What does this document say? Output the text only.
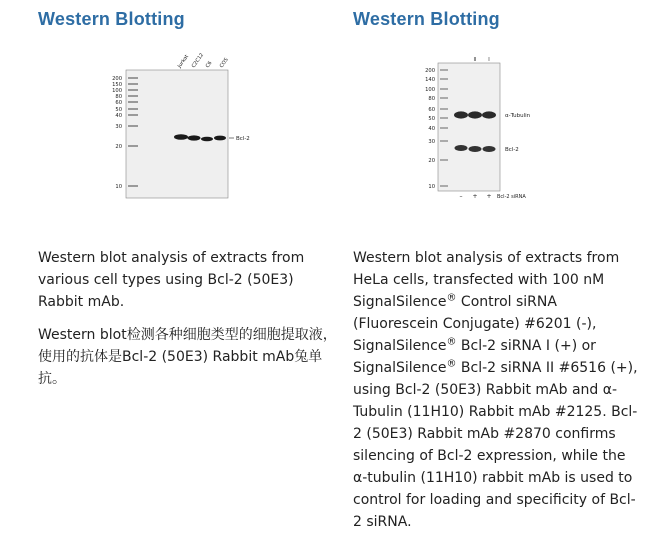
Western Blotting
200
150
100
80
60
50
40
30
20
10
Jurkat C2C12 C6 COS
Bcl-2

Western blot analysis of extracts from various cell types using Bcl-2 (50E3) Rabbit mAb.

Western blot检测各种细胞类型的细胞提取液，使用的抗体是Bcl-2 (50E3) Rabbit mAb兔单抗。

Western Blotting
200
140
100
80
60
50
40
30
20
10
II I
α-Tubulin
Bcl-2
– + + Bcl-2 siRNA

Western blot analysis of extracts from HeLa cells, transfected with 100 nM SignalSilence® Control siRNA (Fluorescein Conjugate) #6201 (-), SignalSilence® Bcl-2 siRNA I (+) or SignalSilence® Bcl-2 siRNA II #6516 (+), using Bcl-2 (50E3) Rabbit mAb and α-Tubulin (11H10) Rabbit mAb #2125. Bcl-2 (50E3) Rabbit mAb #2870 confirms silencing of Bcl-2 expression, while the α-tubulin (11H10) rabbit mAb is used to control for loading and specificity of Bcl-2 siRNA.
